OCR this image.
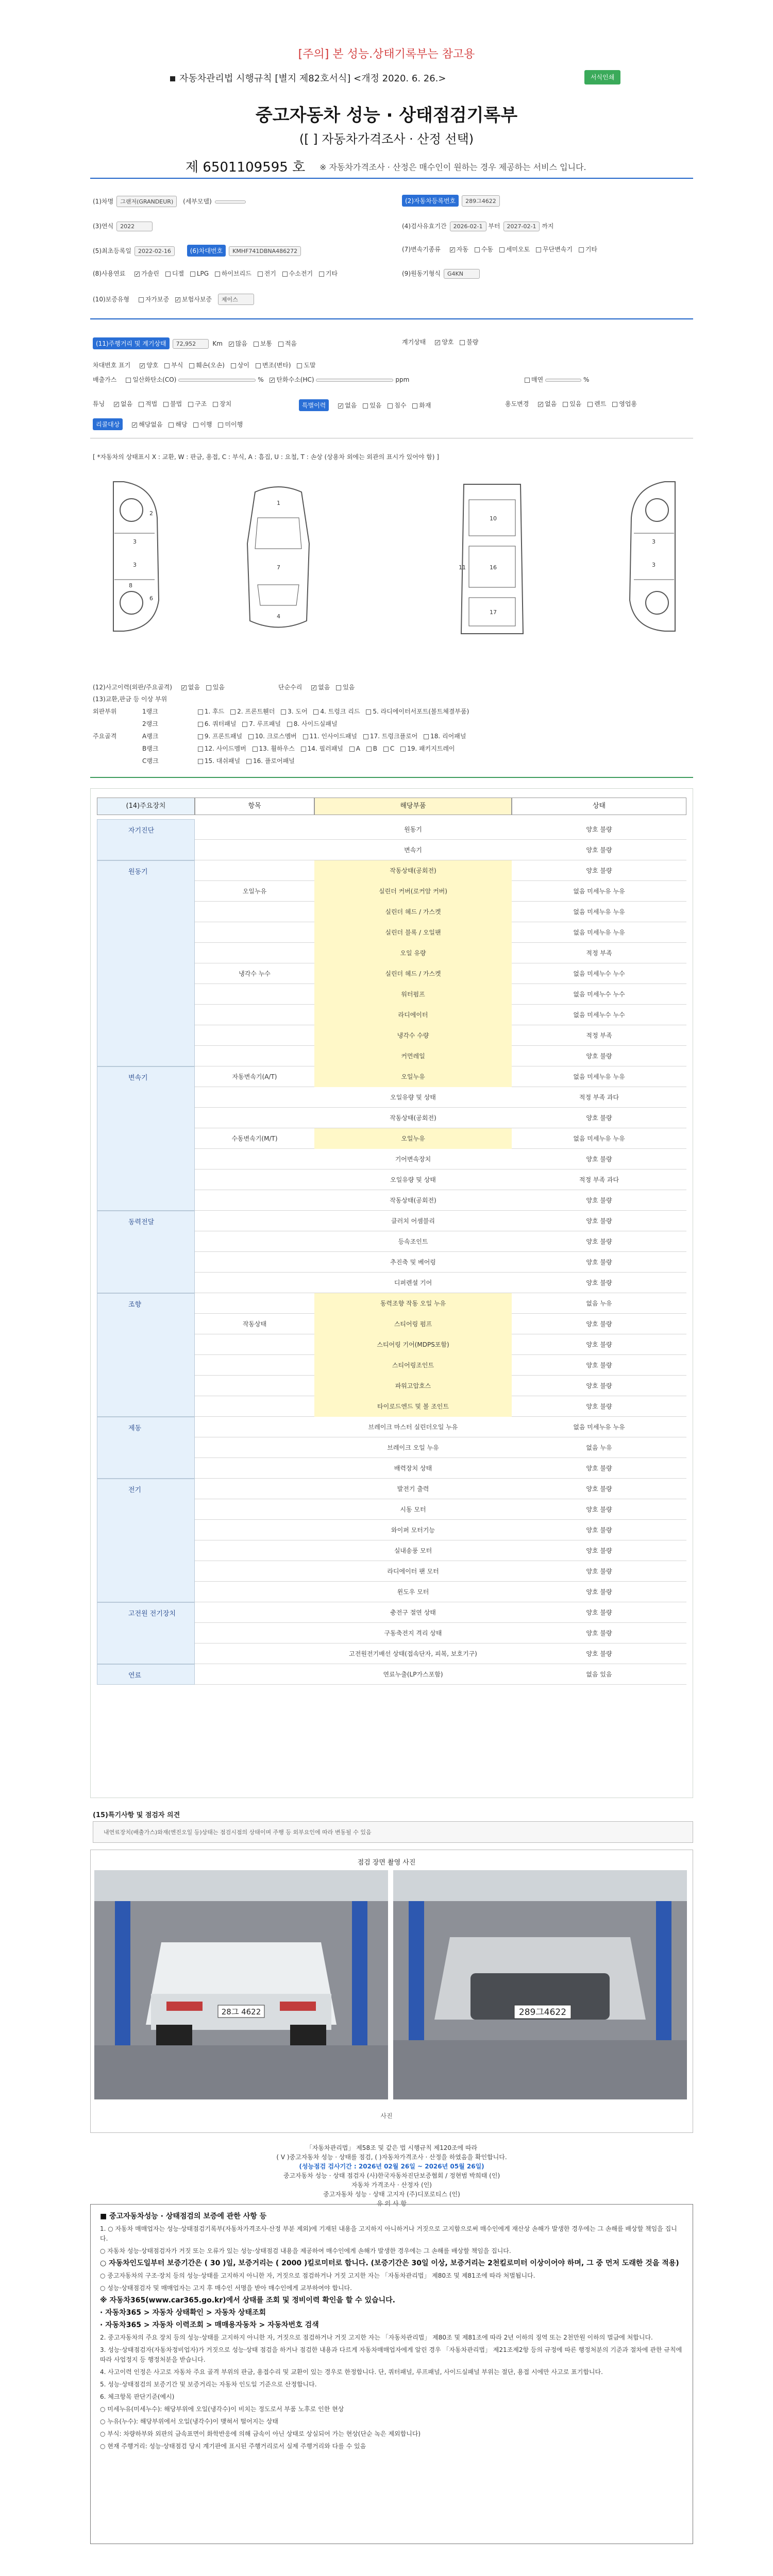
[주의] 본 성능.상태기록부는 참고용
자동차관리법 시행규칙 [별지 제82호서식] <개정 2020. 6. 26.>	서식인쇄
중고자동차 성능 · 상태점검기록부
([ ] 자동차가격조사 · 산정 선택)
제 6501109595 호 ※ 자동차가격조사 · 산정은 매수인이 원하는 경우 제공하는 서비스 입니다.
(1)차명 그랜저(GRANDEUR) (세부모델)	(2)자동차등록번호 289그4622
(3)연식 2022	(4)검사유효기간 2026-02-1 부터 2027-02-1 까지
(5)최초등록일 2022-02-16	(6)차대번호 KMHF741DBNA486272	(7)변속기종류 ✓	자동 수동 세미오토 무단변속기 기타
(8)사용연료 ✓	가솔린 디젤 LPG 하이브리드 전기 수소전기 기타	(9)원동기형식 G4KN
(10)보증유형	자가보증 ✓ 보험사보증 제이스
(11)주행거리 및 계기상태 72,952	Km ✓ 많음 보통 적음	계기상태 ✓	양호 불량
차대번호 표기 ✓	양호 부식 훼손(오손) 상이 변조(변타) 도말
배출가스	일산화탄소(CO)	% ✓ 탄화수소(HC)	ppm	매연	%
튜닝 ✓	없음 적법 불법 구조 장치	특별이력 ✓	없음 있음 침수 화재	용도변경 ✓	없음 있음 렌트 영업용
리콜대상 ✓	해당없음 해당 이행 미이행
[ *자동차의 상태표시 X : 교환, W : 판금, 용접, C : 부식, A : 흠집, U : 요철, T : 손상 (상용차 외에는 외관의 표시가 있어야 함) ]
3
3
2
6
8
1
7
4
10
16
17
11
3
3
(12)사고이력(외판/주요골격) ✓	없음 있음	단순수리 ✓	없음 있음
(13)교환,판금 등 이상 부위
외판부위	1랭크	1. 후드 2. 프론트휀더 3. 도어 4. 트렁크 리드 5. 라디에이터서포트(볼트체결부품)
2랭크	6. 쿼터패널 7. 루프패널 8. 사이드실패널
주요골격	A랭크	9. 프론트패널 10. 크로스멤버 11. 인사이드패널 17. 트렁크플로어 18. 리어패널
B랭크	12. 사이드멤버 13. 휠하우스 14. 필러패널 A B C 19. 패키지트레이
C랭크	15. 대쉬패널 16. 플로어패널
(14)주요장치	항목	해당부품	상태
자기진단	원동기	양호 불량
변속기	양호 불량
원동기	작동상태(공회전)	양호 불량
오일누유	실린더 커버(로커암 커버)	없음 미세누유 누유
실린더 헤드 / 가스켓	없음 미세누유 누유
실린더 블록 / 오일팬	없음 미세누유 누유
오일 유량	적정 부족
냉각수 누수	실린더 헤드 / 가스켓	없음 미세누수 누수
워터펌프	없음 미세누수 누수
라디에이터	없음 미세누수 누수
냉각수 수량	적정 부족
커먼레일	양호 불량
변속기	자동변속기(A/T)	오일누유	없음 미세누유 누유
오일유량 및 상태	적정 부족 과다
작동상태(공회전)	양호 불량
수동변속기(M/T)	오일누유	없음 미세누유 누유
기어변속장치	양호 불량
오일유량 및 상태	적정 부족 과다
작동상태(공회전)	양호 불량
동력전달	클러치 어셈블리	양호 불량
등속조인트	양호 불량
추진축 및 베어링	양호 불량
디퍼렌셜 기어	양호 불량
조향	동력조향 작동 오일 누유	없음 누유
작동상태	스티어링 펌프	양호 불량
스티어링 기어(MDPS포함)	양호 불량
스티어링조인트	양호 불량
파워고압호스	양호 불량
타이로드엔드 및 볼 조인트	양호 불량
제동	브레이크 마스터 실린더오일 누유	없음 미세누유 누유
브레이크 오일 누유	없음 누유
배력장치 상태	양호 불량
전기	발전기 출력	양호 불량
시동 모터	양호 불량
와이퍼 모터기능	양호 불량
실내송풍 모터	양호 불량
라디에이터 팬 모터	양호 불량
윈도우 모터	양호 불량
고전원 전기장치	충전구 절연 상태	양호 불량
구동축전지 격리 상태	양호 불량
고전원전기배선 상태(접속단자, 피복, 보호기구)	양호 불량
연료	연료누출(LP가스포함)	없음 있음
(15)특기사항 및 점검자 의견
내연료장치(배출가스)와재(엔진오일 등)상태는 점검시점의 상태이며 주행 등 외부요인에 따라 변동될 수 있음
점검 장면 촬영 사진
28그 4622	289그4622
사진
「자동차관리법」 제58조 및 같은 법 시행규칙 제120조에 따라
( V )중고자동차 성능 · 상태를 점검, ( )자동차가격조사 · 산정을 하였음을 확인합니다.
(성능점검 검사기간 : 2026년 02월 26일 ~ 2026년 05월 26일)
중고자동차 성능 · 상태 점검자 (사)한국자동차진단보증협회 / 정현범 박희태 (인)
자동차 가격조사 · 산정자 (인)
중고자동차 성능 · 상태 고지자 (주)디포로티스 (인)
유 의 사 항

■ 중고자동차성능 · 상태점검의 보증에 관한 사항 등

1. ○ 자동차 매매업자는 성능·상태점검기록부(자동차가격조사·산정 부분 제외)에 기재된 내용을 고지하지 아니하거나 거짓으로 고지함으로써 매수인에게 재산상 손해가 발생한 경우에는 그 손해를 배상할 책임을 집니다.

○ 자동차 성능·상태점검자가 거짓 또는 오류가 있는 성능·상태점검 내용을 제공하여 매수인에게 손해가 발생한 경우에는 그 손해를 배상할 책임을 집니다.

○ 자동차인도일부터 보증기간은 ( 30 )일, 보증거리는 ( 2000 )킬로미터로 합니다. (보증기간은 30일 이상, 보증거리는 2천킬로미터 이상이어야 하며, 그 중 먼저 도래한 것을 적용)

○ 중고자동차의 구조·장치 등의 성능·상태를 고지하지 아니한 자, 거짓으로 점검하거나 거짓 고지한 자는 「자동차관리법」 제80조 및 제81조에 따라 처벌됩니다.

○ 성능·상태점검자 및 매매업자는 고지 후 매수인 서명을 받아 매수인에게 교부하여야 합니다.

※ 자동차365(www.car365.go.kr)에서 상태를 조회 및 정비이력 확인을 할 수 있습니다.

· 자동차365 > 자동차 상태확인 > 자동차 상태조회

· 자동차365 > 자동차 이력조회 > 매매용자동차 > 자동차번호 검색

2. 중고자동차의 주요 장치 등의 성능·상태를 고지하지 아니한 자, 거짓으로 점검하거나 거짓 고지한 자는 「자동차관리법」 제80조 및 제81조에 따라 2년 이하의 징역 또는 2천만원 이하의 벌금에 처합니다.

3. 성능·상태점검자(자동차정비업자)가 거짓으로 성능·상태 점검을 하거나 점검한 내용과 다르게 자동차매매업자에게 알린 경우 「자동차관리법」 제21조제2항 등의 규정에 따른 행정처분의 기준과 절차에 관한 규칙에 따라 사업정지 등 행정처분을 받습니다.

4. 사고이력 인정은 사고로 자동차 주요 골격 부위의 판금, 용접수리 및 교환이 있는 경우로 한정합니다. 단, 쿼터패널, 루프패널, 사이드실패널 부위는 절단, 용접 시에만 사고로 표기합니다.

5. 성능·상태점검의 보증기간 및 보증거리는 자동차 인도일 기준으로 산정합니다.

6. 체크항목 판단기준(예시)

○ 미세누유(미세누수): 해당부위에 오일(냉각수)이 비치는 정도로서 부품 노후로 인한 현상

○ 누유(누수): 해당부위에서 오일(냉각수)이 맺혀서 떨어지는 상태

○ 부식: 차량하부와 외판의 금속표면이 화학반응에 의해 금속이 아닌 상태로 상실되어 가는 현상(단순 녹은 제외합니다)

○ 현재 주행거리: 성능·상태점검 당시 계기판에 표시된 주행거리로서 실제 주행거리와 다를 수 있음
